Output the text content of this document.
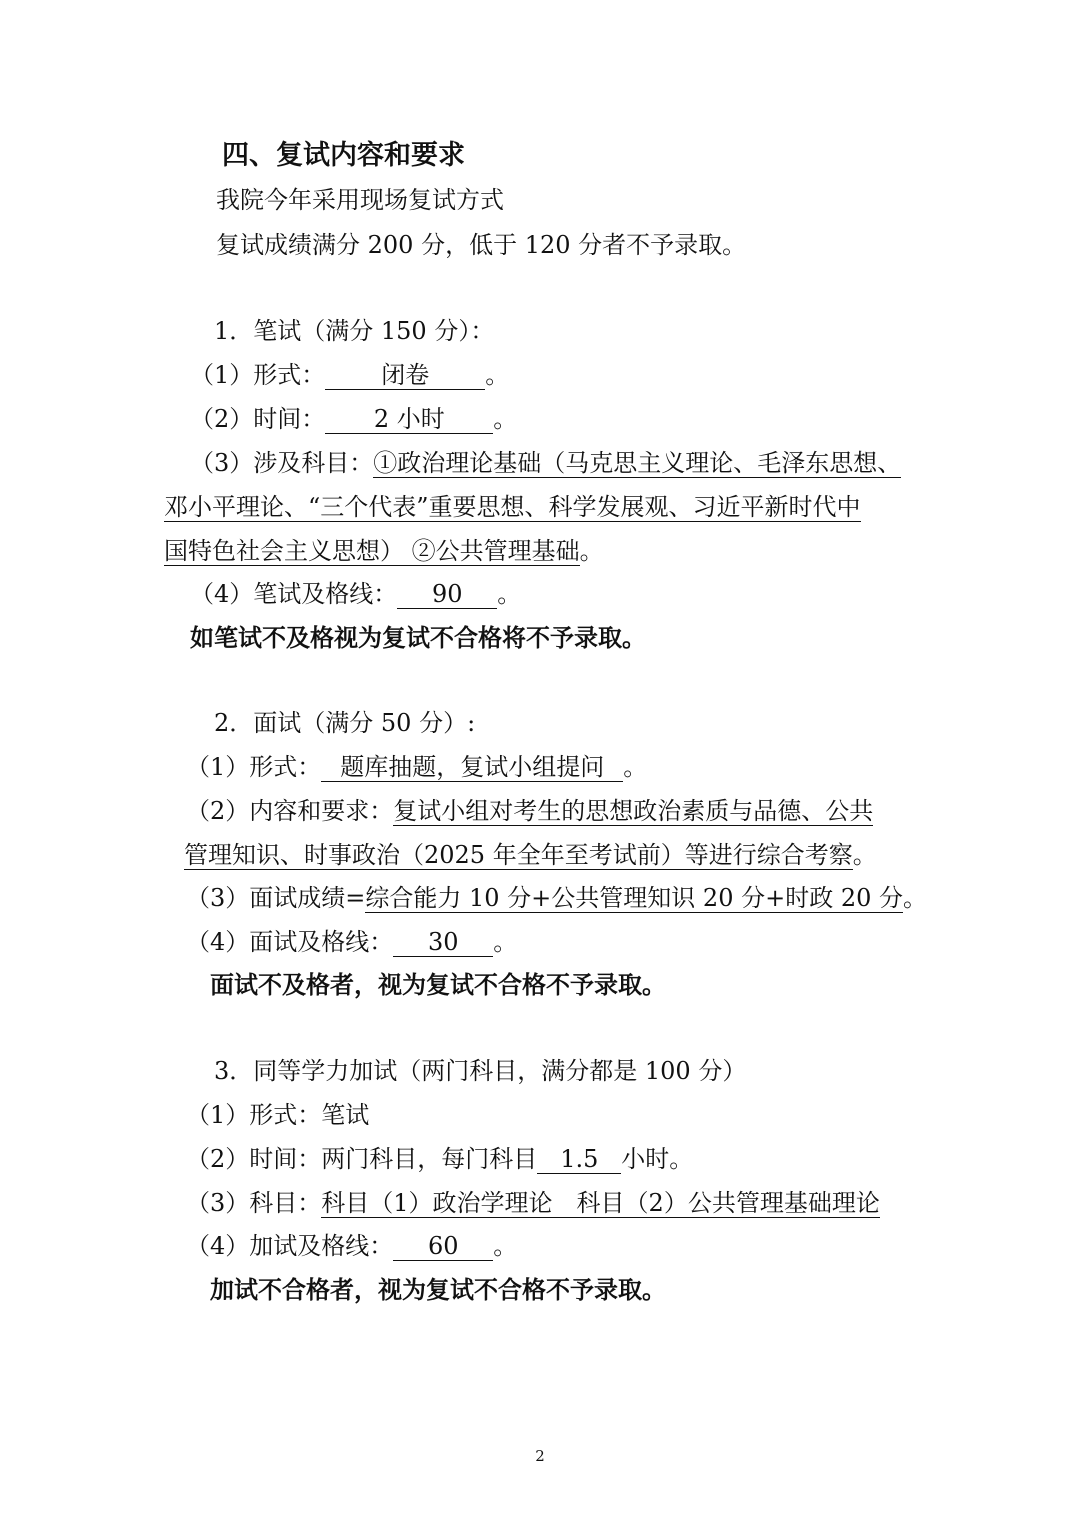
四、复试内容和要求
我院今年采用现场复试方式
复试成绩满分 200 分，低于 120 分者不予录取。
1．笔试（满分 150 分）：
（1）形式： 闭卷 。
（2）时间： 2 小时 。
（3）涉及科目：①政治理论基础（马克思主义理论、毛泽东思想、
邓小平理论、“三个代表”重要思想、科学发展观、习近平新时代中
国特色社会主义思想） ②公共管理基础。
（4）笔试及格线： 90 。
如笔试不及格视为复试不合格将不予录取。
2．面试（满分 50 分）:
（1）形式： 题库抽题，复试小组提问 。
（2）内容和要求：复试小组对考生的思想政治素质与品德、公共
管理知识、时事政治（2025 年全年至考试前）等进行综合考察。
（3）面试成绩=综合能力 10 分+公共管理知识 20 分+时政 20 分。
（4）面试及格线： 30 。
面试不及格者，视为复试不合格不予录取。
3．同等学力加试（两门科目，满分都是 100 分）
（1）形式：笔试
（2）时间：两门科目，每门科目 1.5 小时。
（3）科目：科目（1）政治学理论　科目（2）公共管理基础理论
（4）加试及格线： 60 。
加试不合格者，视为复试不合格不予录取。
2
